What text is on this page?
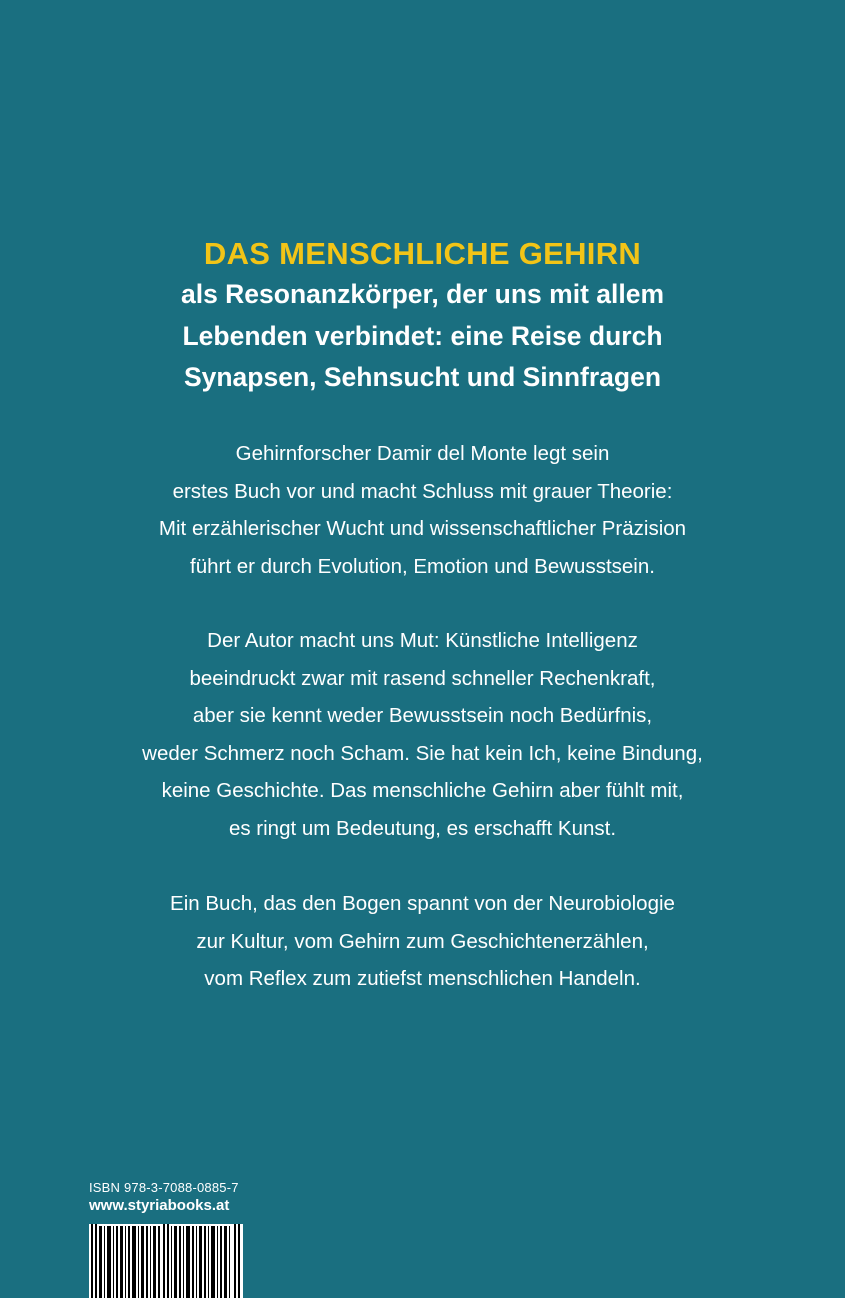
DAS MENSCHLICHE GEHIRN
als Resonanzkörper, der uns mit allem
Lebenden verbindet: eine Reise durch
Synapsen, Sehnsucht und Sinnfragen
Gehirnforscher Damir del Monte legt sein
erstes Buch vor und macht Schluss mit grauer Theorie:
Mit erzählerischer Wucht und wissenschaftlicher Präzision
führt er durch Evolution, Emotion und Bewusstsein.
Der Autor macht uns Mut: Künstliche Intelligenz
beeindruckt zwar mit rasend schneller Rechenkraft,
aber sie kennt weder Bewusstsein noch Bedürfnis,
weder Schmerz noch Scham. Sie hat kein Ich, keine Bindung,
keine Geschichte. Das menschliche Gehirn aber fühlt mit,
es ringt um Bedeutung, es erschafft Kunst.
Ein Buch, das den Bogen spannt von der Neurobiologie
zur Kultur, vom Gehirn zum Geschichtenerzählen,
vom Reflex zum zutiefst menschlichen Handeln.
ISBN 978-3-7088-0885-7
www.styriabooks.at
